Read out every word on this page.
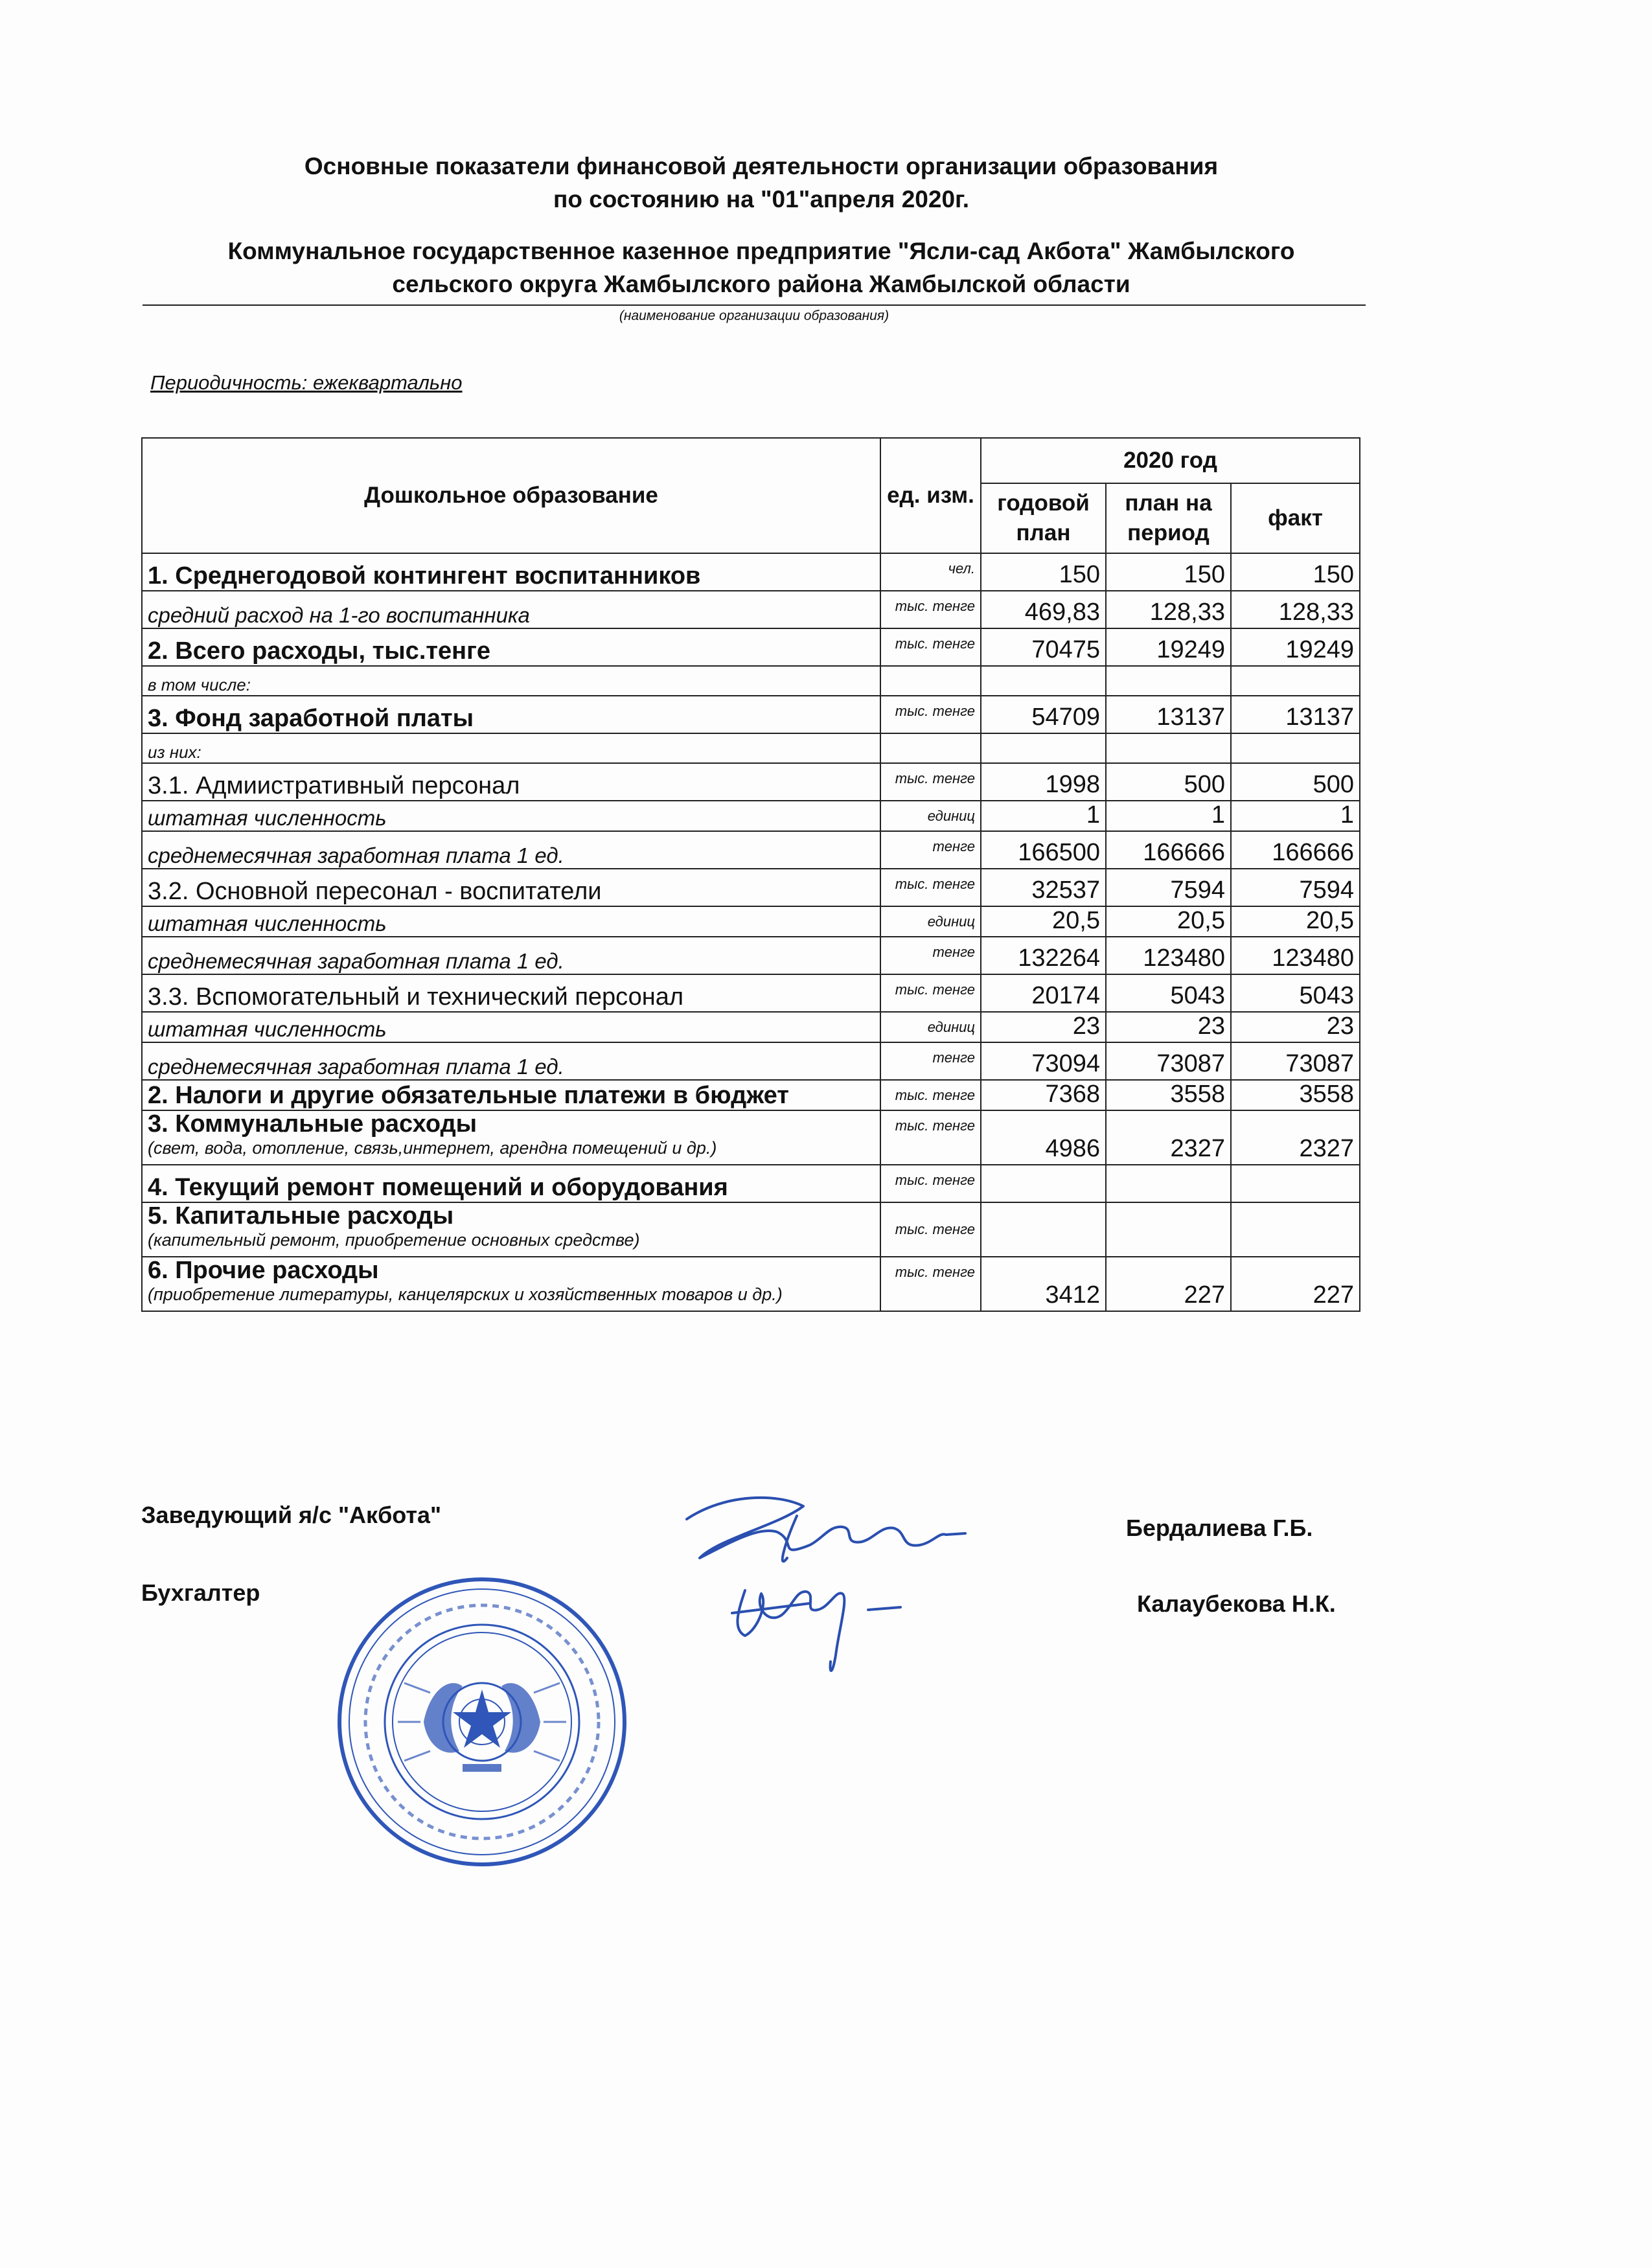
Основные показатели финансовой деятельности организации образования
по состоянию на "01"апреля 2020г.
Коммунальное государственное казенное предприятие "Ясли-сад Акбота" Жамбылского
сельского округа Жамбылского района Жамбылской области
(наименование организации образования)
Периодичность: ежеквартально
Дошкольное образование	ед. изм.	2020 год		
		годовой план	план на период	факт
1. Среднегодовой контингент воспитанников	чел.	150	150	150
средний расход на 1-го воспитанника	тыс. тенге	469,83	128,33	128,33
2. Всего расходы, тыс.тенге	тыс. тенге	70475	19249	19249
в том числе:				
3. Фонд заработной платы	тыс. тенге	54709	13137	13137
из них:				
3.1. Адмиистративный персонал	тыс. тенге	1998	500	500
штатная численность	единиц	1	1	1
среднемесячная заработная плата 1 ед.	тенге	166500	166666	166666
3.2. Основной пересонал - воспитатели	тыс. тенге	32537	7594	7594
штатная численность	единиц	20,5	20,5	20,5
среднемесячная заработная плата 1 ед.	тенге	132264	123480	123480
3.3. Вспомогательный и технический персонал	тыс. тенге	20174	5043	5043
штатная численность	единиц	23	23	23
среднемесячная заработная плата 1 ед.	тенге	73094	73087	73087
2. Налоги и другие обязательные платежи в бюджет	тыс. тенге	7368	3558	3558
3. Коммунальные расходы
(свет, вода, отопление, связь,интернет, арендна помещений и др.)	тыс. тенге	4986	2327	2327
4. Текущий ремонт помещений и оборудования	тыс. тенге			
5. Капитальные расходы
(капительный ремонт, приобретение основных средстве)	тыс. тенге			
6. Прочие расходы
(приобретение литературы, канцелярских и хозяйственных товаров и др.)	тыс. тенге	3412	227	227
Заведующий я/с "Акбота"	Бердалиева Г.Б.
Бухгалтер	Калаубекова Н.К.
